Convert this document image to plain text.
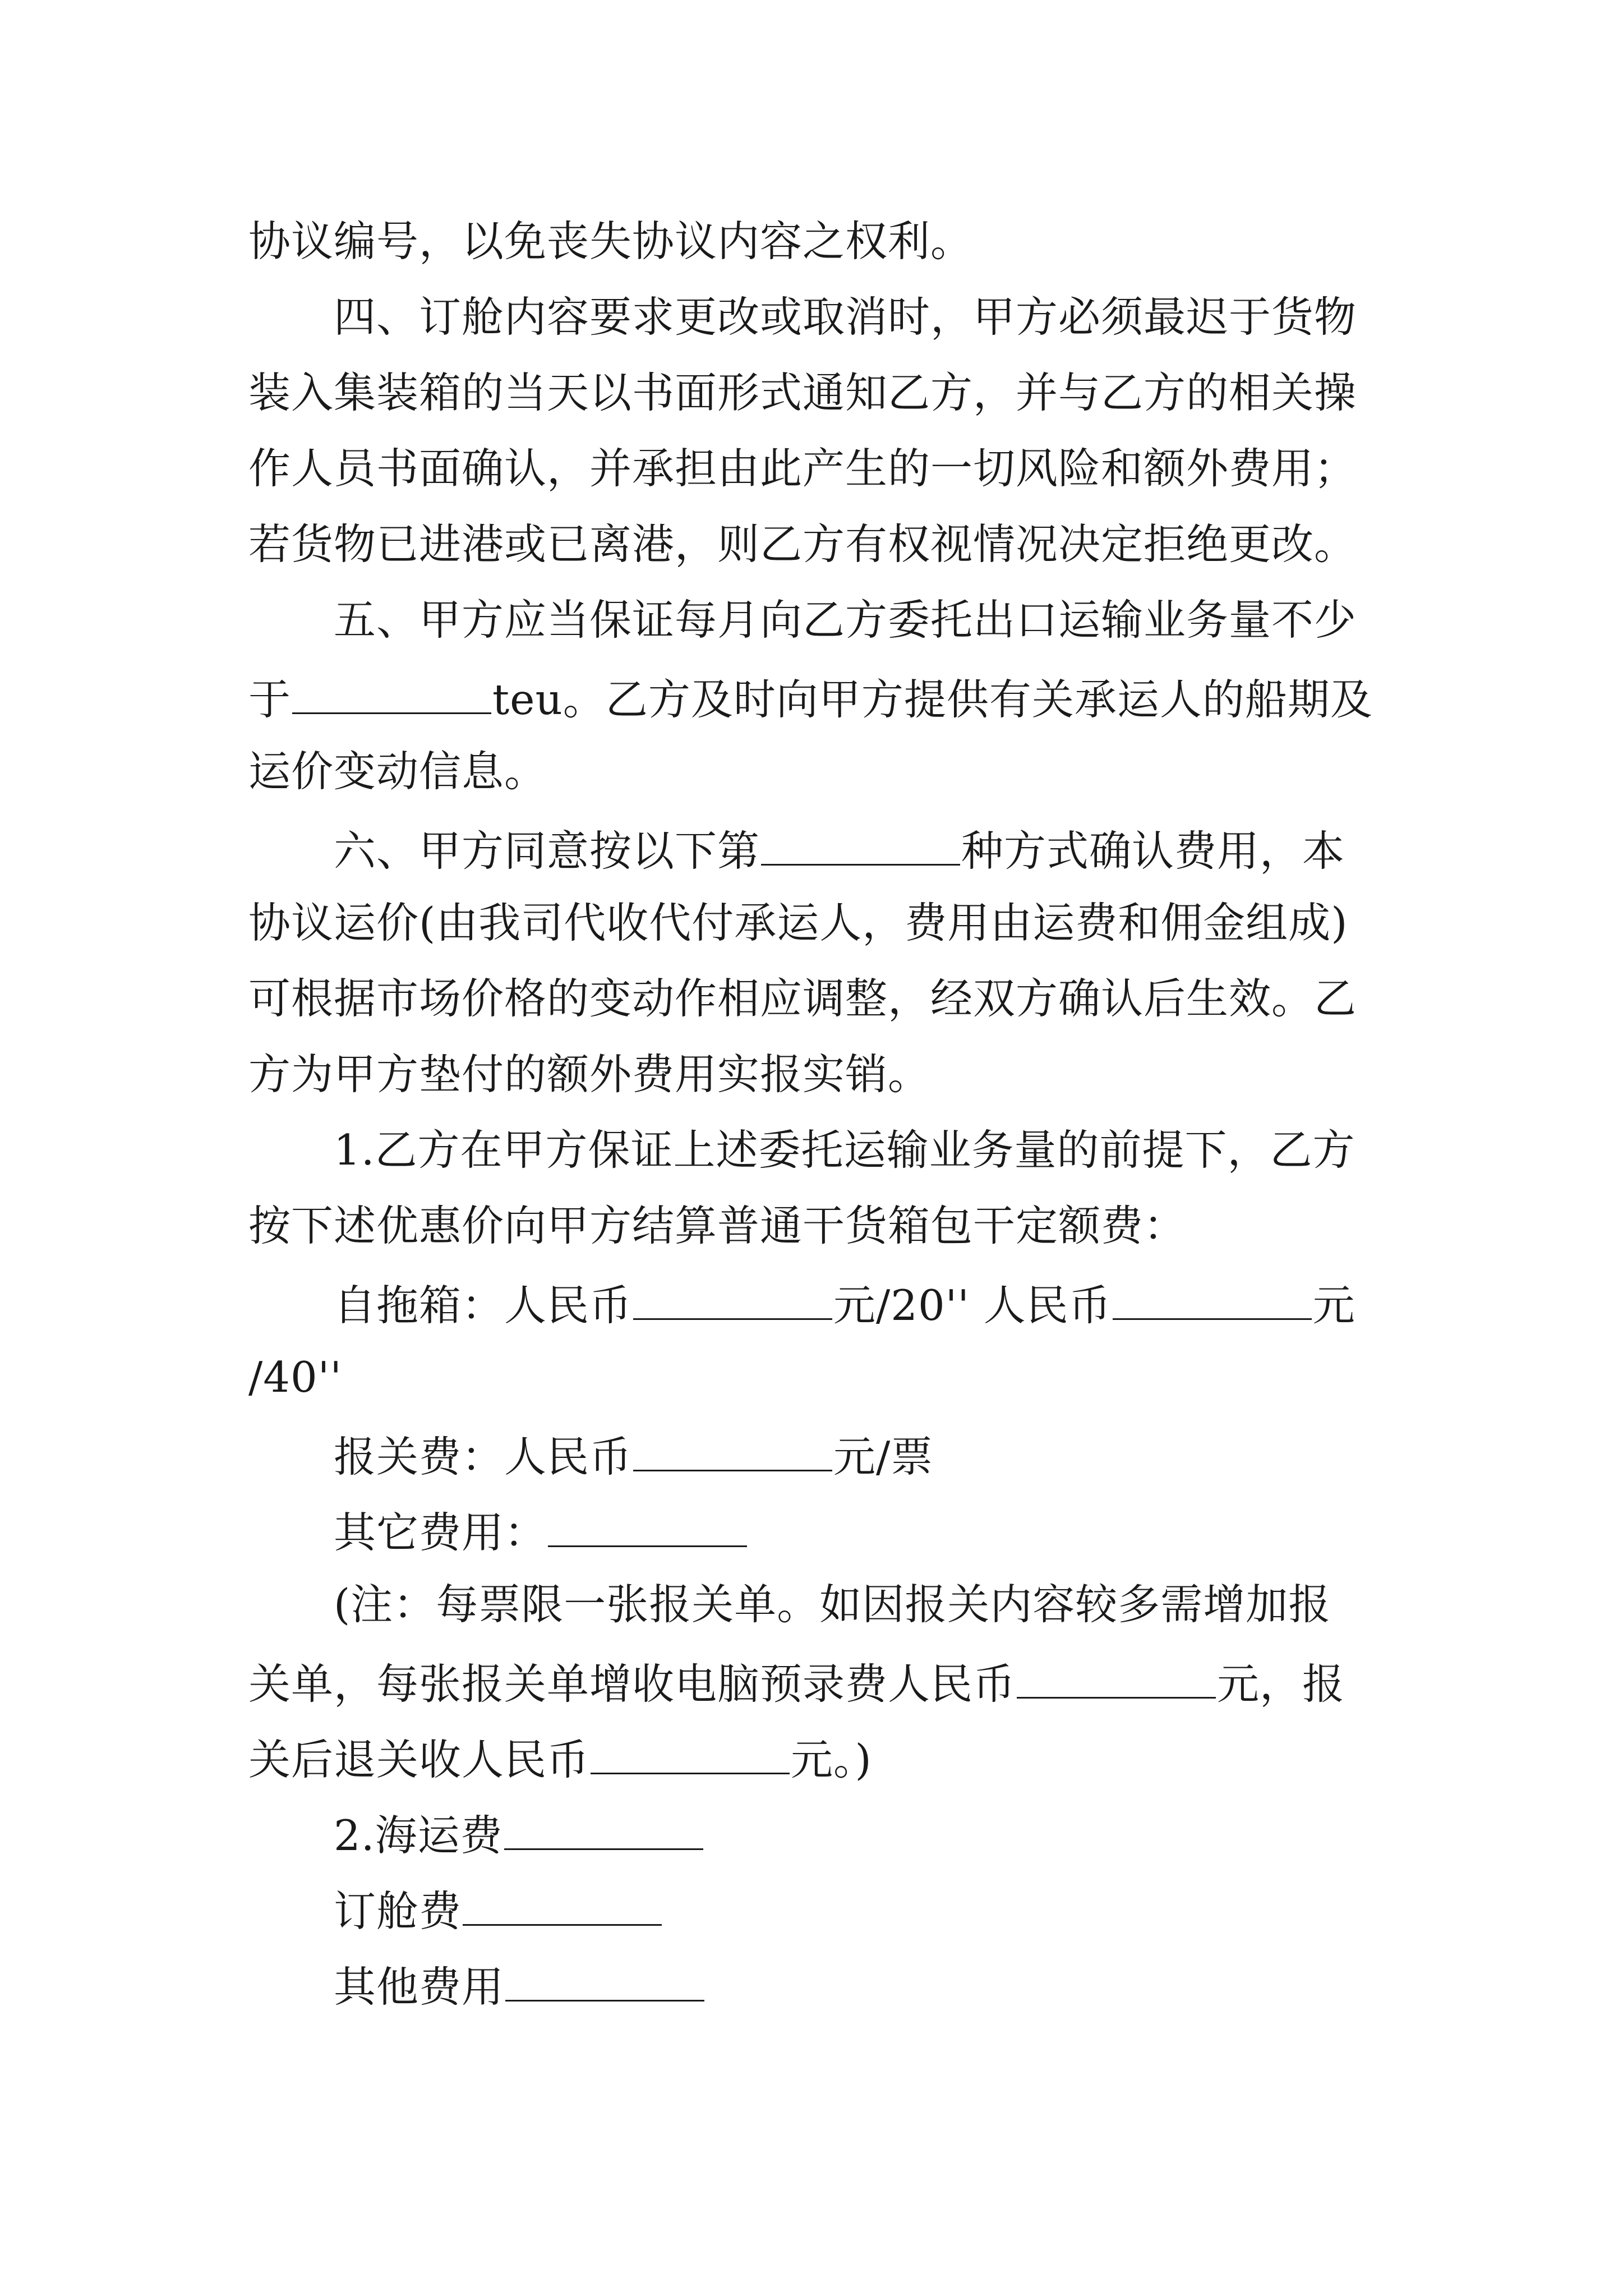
协议编号，以免丧失协议内容之权利。
　　四、订舱内容要求更改或取消时，甲方必须最迟于货物
装入集装箱的当天以书面形式通知乙方，并与乙方的相关操
作人员书面确认，并承担由此产生的一切风险和额外费用；
若货物已进港或已离港，则乙方有权视情况决定拒绝更改。
　　五、甲方应当保证每月向乙方委托出口运输业务量不少
于	teu。乙方及时向甲方提供有关承运人的船期及
运价变动信息。
　　六、甲方同意按以下第	种方式确认费用，本
协议运价(由我司代收代付承运人，费用由运费和佣金组成)
可根据市场价格的变动作相应调整，经双方确认后生效。乙
方为甲方垫付的额外费用实报实销。
　　1.乙方在甲方保证上述委托运输业务量的前提下，乙方
按下述优惠价向甲方结算普通干货箱包干定额费：
　　自拖箱：人民币	元/20'' 人民币	元
/40''
　　报关费：人民币	元/票
　　其它费用：
　　(注：每票限一张报关单。如因报关内容较多需增加报
关单，每张报关单增收电脑预录费人民币	元，报
关后退关收人民币	元。)
　　2.海运费
　　订舱费
　　其他费用
